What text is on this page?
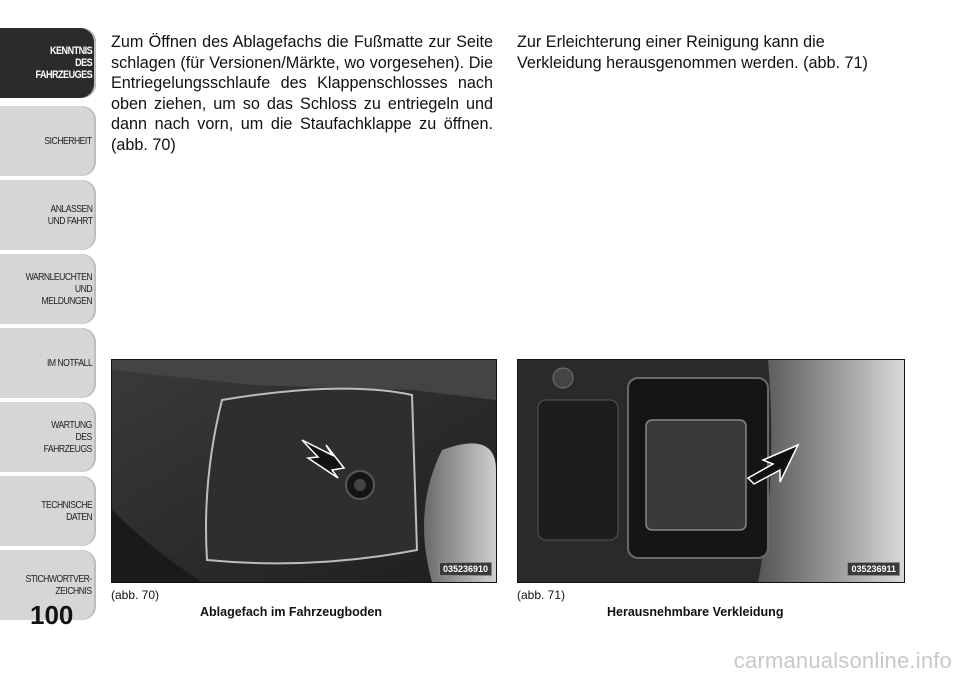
KENNTNIS
DES
FAHRZEUGES
SICHERHEIT
ANLASSEN
UND FAHRT
WARNLEUCHTEN
UND
MELDUNGEN
IM NOTFALL
WARTUNG
DES
FAHRZEUGS
TECHNISCHE
DATEN
STICHWORTVER-
ZEICHNIS
100
Zum Öffnen des Ablagefachs die Fußmatte zur Seite schlagen (für Versionen/Märkte, wo vorgesehen). Die Entriegelungsschlaufe des Klappenschlosses nach oben ziehen, um so das Schloss zu entriegeln und dann nach vorn, um die Staufachklappe zu öffnen. (abb. 70)
Zur Erleichterung einer Reinigung kann die Verkleidung herausgenommen werden. (abb. 71)
035236910
(abb. 70)
Ablagefach im Fahrzeugboden
035236911
(abb. 71)
Herausnehmbare Verkleidung
carmanualsonline.info
